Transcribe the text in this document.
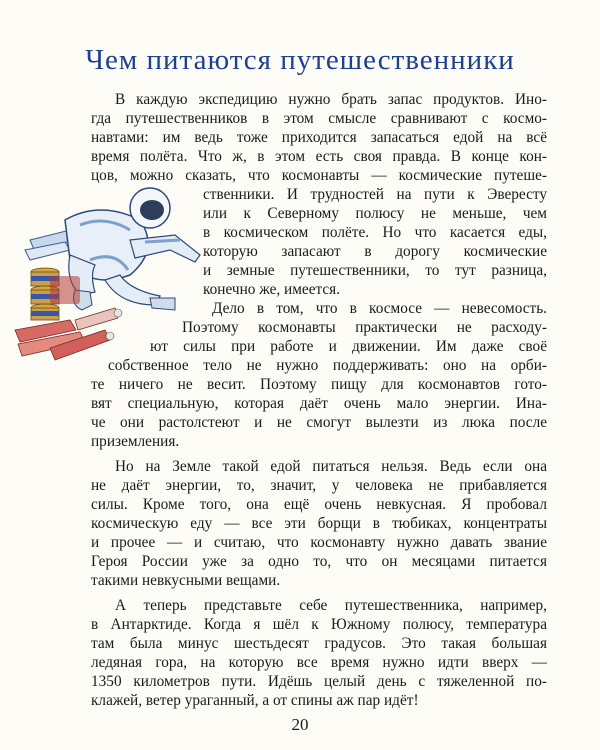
Чем питаются путешественники
В каждую экспедицию нужно брать запас продуктов. Ино-
гда путешественников в этом смысле сравнивают с космо-
навтами: им ведь тоже приходится запасаться едой на всё
время полёта. Что ж, в этом есть своя правда. В конце кон-
цов, можно сказать, что космонавты — космические путеше-
ственники. И трудностей на пути к Эвересту
или к Северному полюсу не меньше, чем
в космическом полёте. Но что касается еды,
которую запасают в дорогу космические
и земные путешественники, то тут разница,
конечно же, имеется.
Дело в том, что в космосе — невесомость.
Поэтому космонавты практически не расходу-
ют силы при работе и движении. Им даже своё
собственное тело не нужно поддерживать: оно на орби-
те ничего не весит. Поэтому пищу для космонавтов гото-
вят специальную, которая даёт очень мало энергии. Ина-
че они растолстеют и не смогут вылезти из люка после
приземления.
Но на Земле такой едой питаться нельзя. Ведь если она
не даёт энергии, то, значит, у человека не прибавляется
силы. Кроме того, она ещё очень невкусная. Я пробовал
космическую еду — все эти борщи в тюбиках, концентраты
и прочее — и считаю, что космонавту нужно давать звание
Героя России уже за одно то, что он месяцами питается
такими невкусными вещами.
А теперь представьте себе путешественника, например,
в Антарктиде. Когда я шёл к Южному полюсу, температура
там была минус шестьдесят градусов. Это такая большая
ледяная гора, на которую все время нужно идти вверх —
1350 километров пути. Идёшь целый день с тяжеленной по-
клажей, ветер ураганный, а от спины аж пар идёт!
20
